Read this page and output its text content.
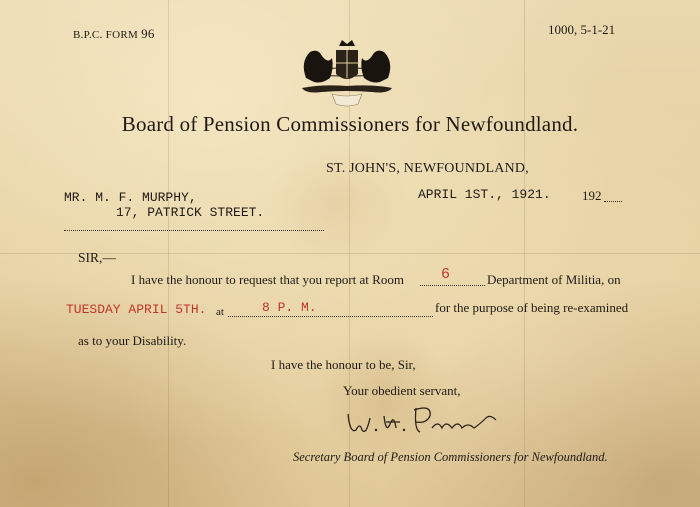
B.P.C. FORM 96	1000, 5-1-21
Board of Pension Commissioners for Newfoundland.
ST. JOHN'S, NEWFOUNDLAND,
MR. M. F. MURPHY,
17, PATRICK STREET.
APRIL 1ST., 1921. 192
SIR,—
I have the honour to request that you report at Room 6	Department of Militia, on
TUESDAY APRIL 5TH. at	8 P. M.	for the purpose of being re-examined
as to your Disability.
I have the honour to be, Sir,
Your obedient servant,
Secretary Board of Pension Commissioners for Newfoundland.
